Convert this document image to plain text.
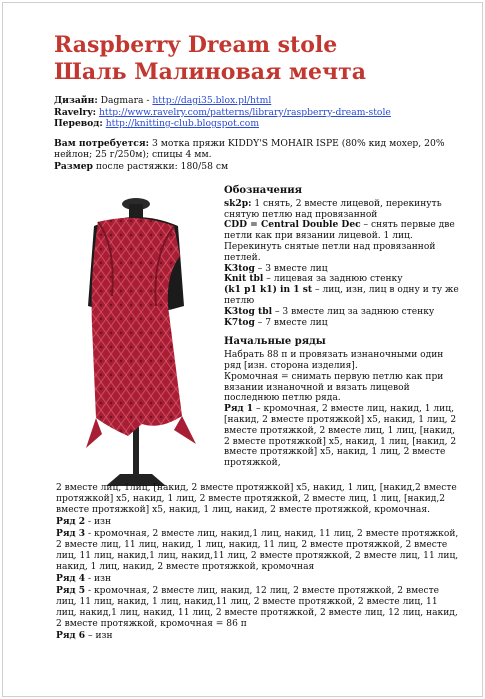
Raspberry Dream stole
Шаль Малиновая мечта

Дизайн: Dagmara - http://dagi35.blox.pl/html

Ravelry: http://www.ravelry.com/patterns/library/raspberry-dream-stole

Перевод: http://knitting-club.blogspot.com

Вам потребуется: 3 мотка пряжи KIDDY'S MOHAIR ISPE (80% кид мохер, 20% нейлон; 25 г/250м); спицы 4 мм.

Размер после растяжки: 180/58 см

Обозначения

sk2p: 1 снять, 2 вместе лицевой, перекинуть снятую петлю над провязанной

CDD = Central Double Dec – снять первые две петли как при вязании лицевой. 1 лиц. Перекинуть снятые петли над провязанной петлей.

K3tog – 3 вместе лиц

Knit tbl – лицевая за заднюю стенку

(k1 p1 k1) in 1 st – лиц, изн, лиц в одну и ту же петлю

K3tog tbl – 3 вместе лиц за заднюю стенку

K7tog – 7 вместе лиц

Начальные ряды

Набрать 88 п и провязать изнаночными один ряд [изн. сторона изделия].

Кромочная = снимать первую петлю как при вязании изнаночной и вязать лицевой последнюю петлю ряда.

Ряд 1 – кромочная, 2 вместе лиц, накид, 1 лиц, [накид, 2 вместе протяжкой] x5, накид, 1 лиц, 2 вместе протяжкой, 2 вместе лиц, 1 лиц, [накид, 2 вместе протяжкой] x5, накид, 1 лиц, [накид, 2 вместе протяжкой] x5, накид, 1 лиц, 2 вместе протяжкой,

2 вместе лиц, 1лиц, [накид, 2 вместе протяжкой] x5, накид, 1 лиц, [накид,2 вместе протяжкой] x5, накид, 1 лиц, 2 вместе протяжкой, 2 вместе лиц, 1 лиц, [накид,2 вместе протяжкой] x5, накид, 1 лиц, накид, 2 вместе протяжкой, кромочная.

Ряд 2 - изн

Ряд 3 - кромочная, 2 вместе лиц, накид,1 лиц, накид, 11 лиц, 2 вместе протяжкой, 2 вместе лиц, 11 лиц, накид, 1 лиц, накид, 11 лиц, 2 вместе протяжкой, 2 вместе лиц, 11 лиц, накид,1 лиц, накид,11 лиц, 2 вместе протяжкой, 2 вместе лиц, 11 лиц, накид, 1 лиц, накид, 2 вместе протяжкой, кромочная

Ряд 4 - изн

Ряд 5 - кромочная, 2 вместе лиц, накид, 12 лиц, 2 вместе протяжкой, 2 вместе лиц, 11 лиц, накид, 1 лиц, накид,11 лиц, 2 вместе протяжкой, 2 вместе лиц, 11 лиц, накид,1 лиц, накид, 11 лиц, 2 вместе протяжкой, 2 вместе лиц, 12 лиц, накид, 2 вместе протяжкой, кромочная = 86 п

Ряд 6 – изн
